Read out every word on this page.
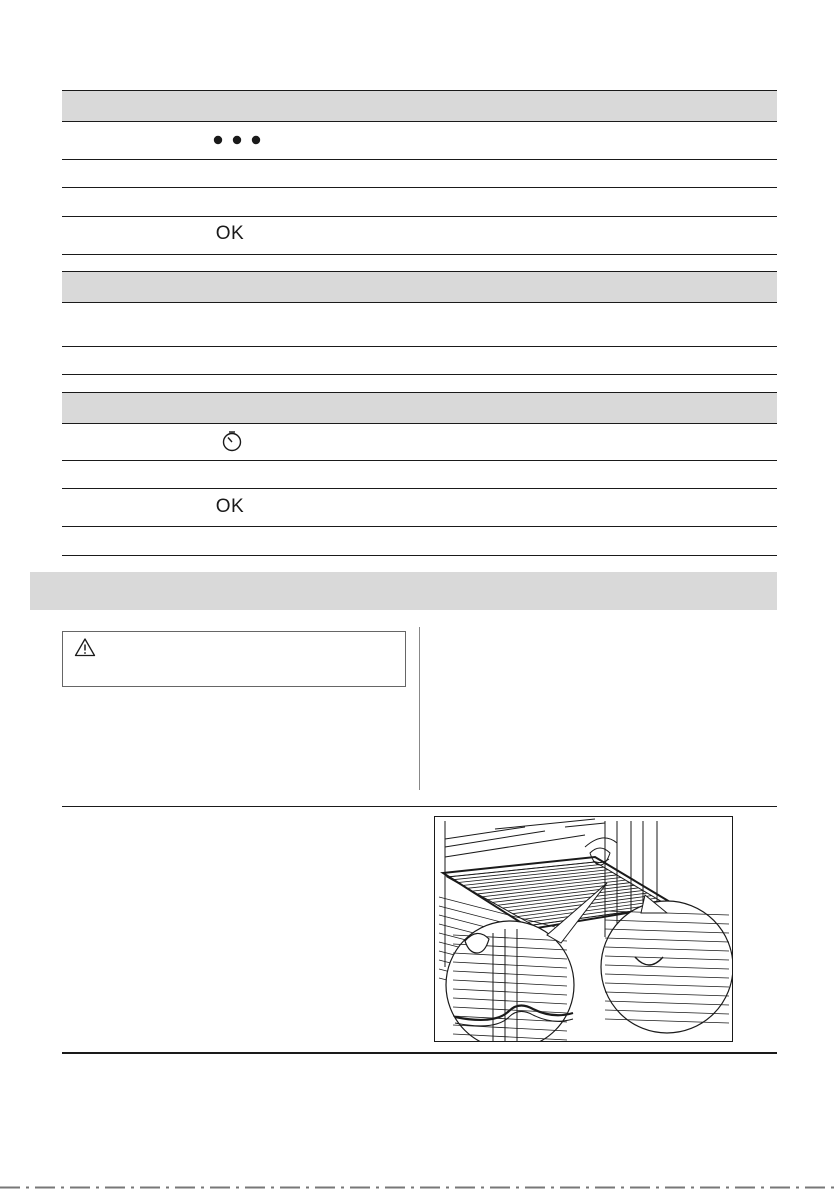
OK
OK
